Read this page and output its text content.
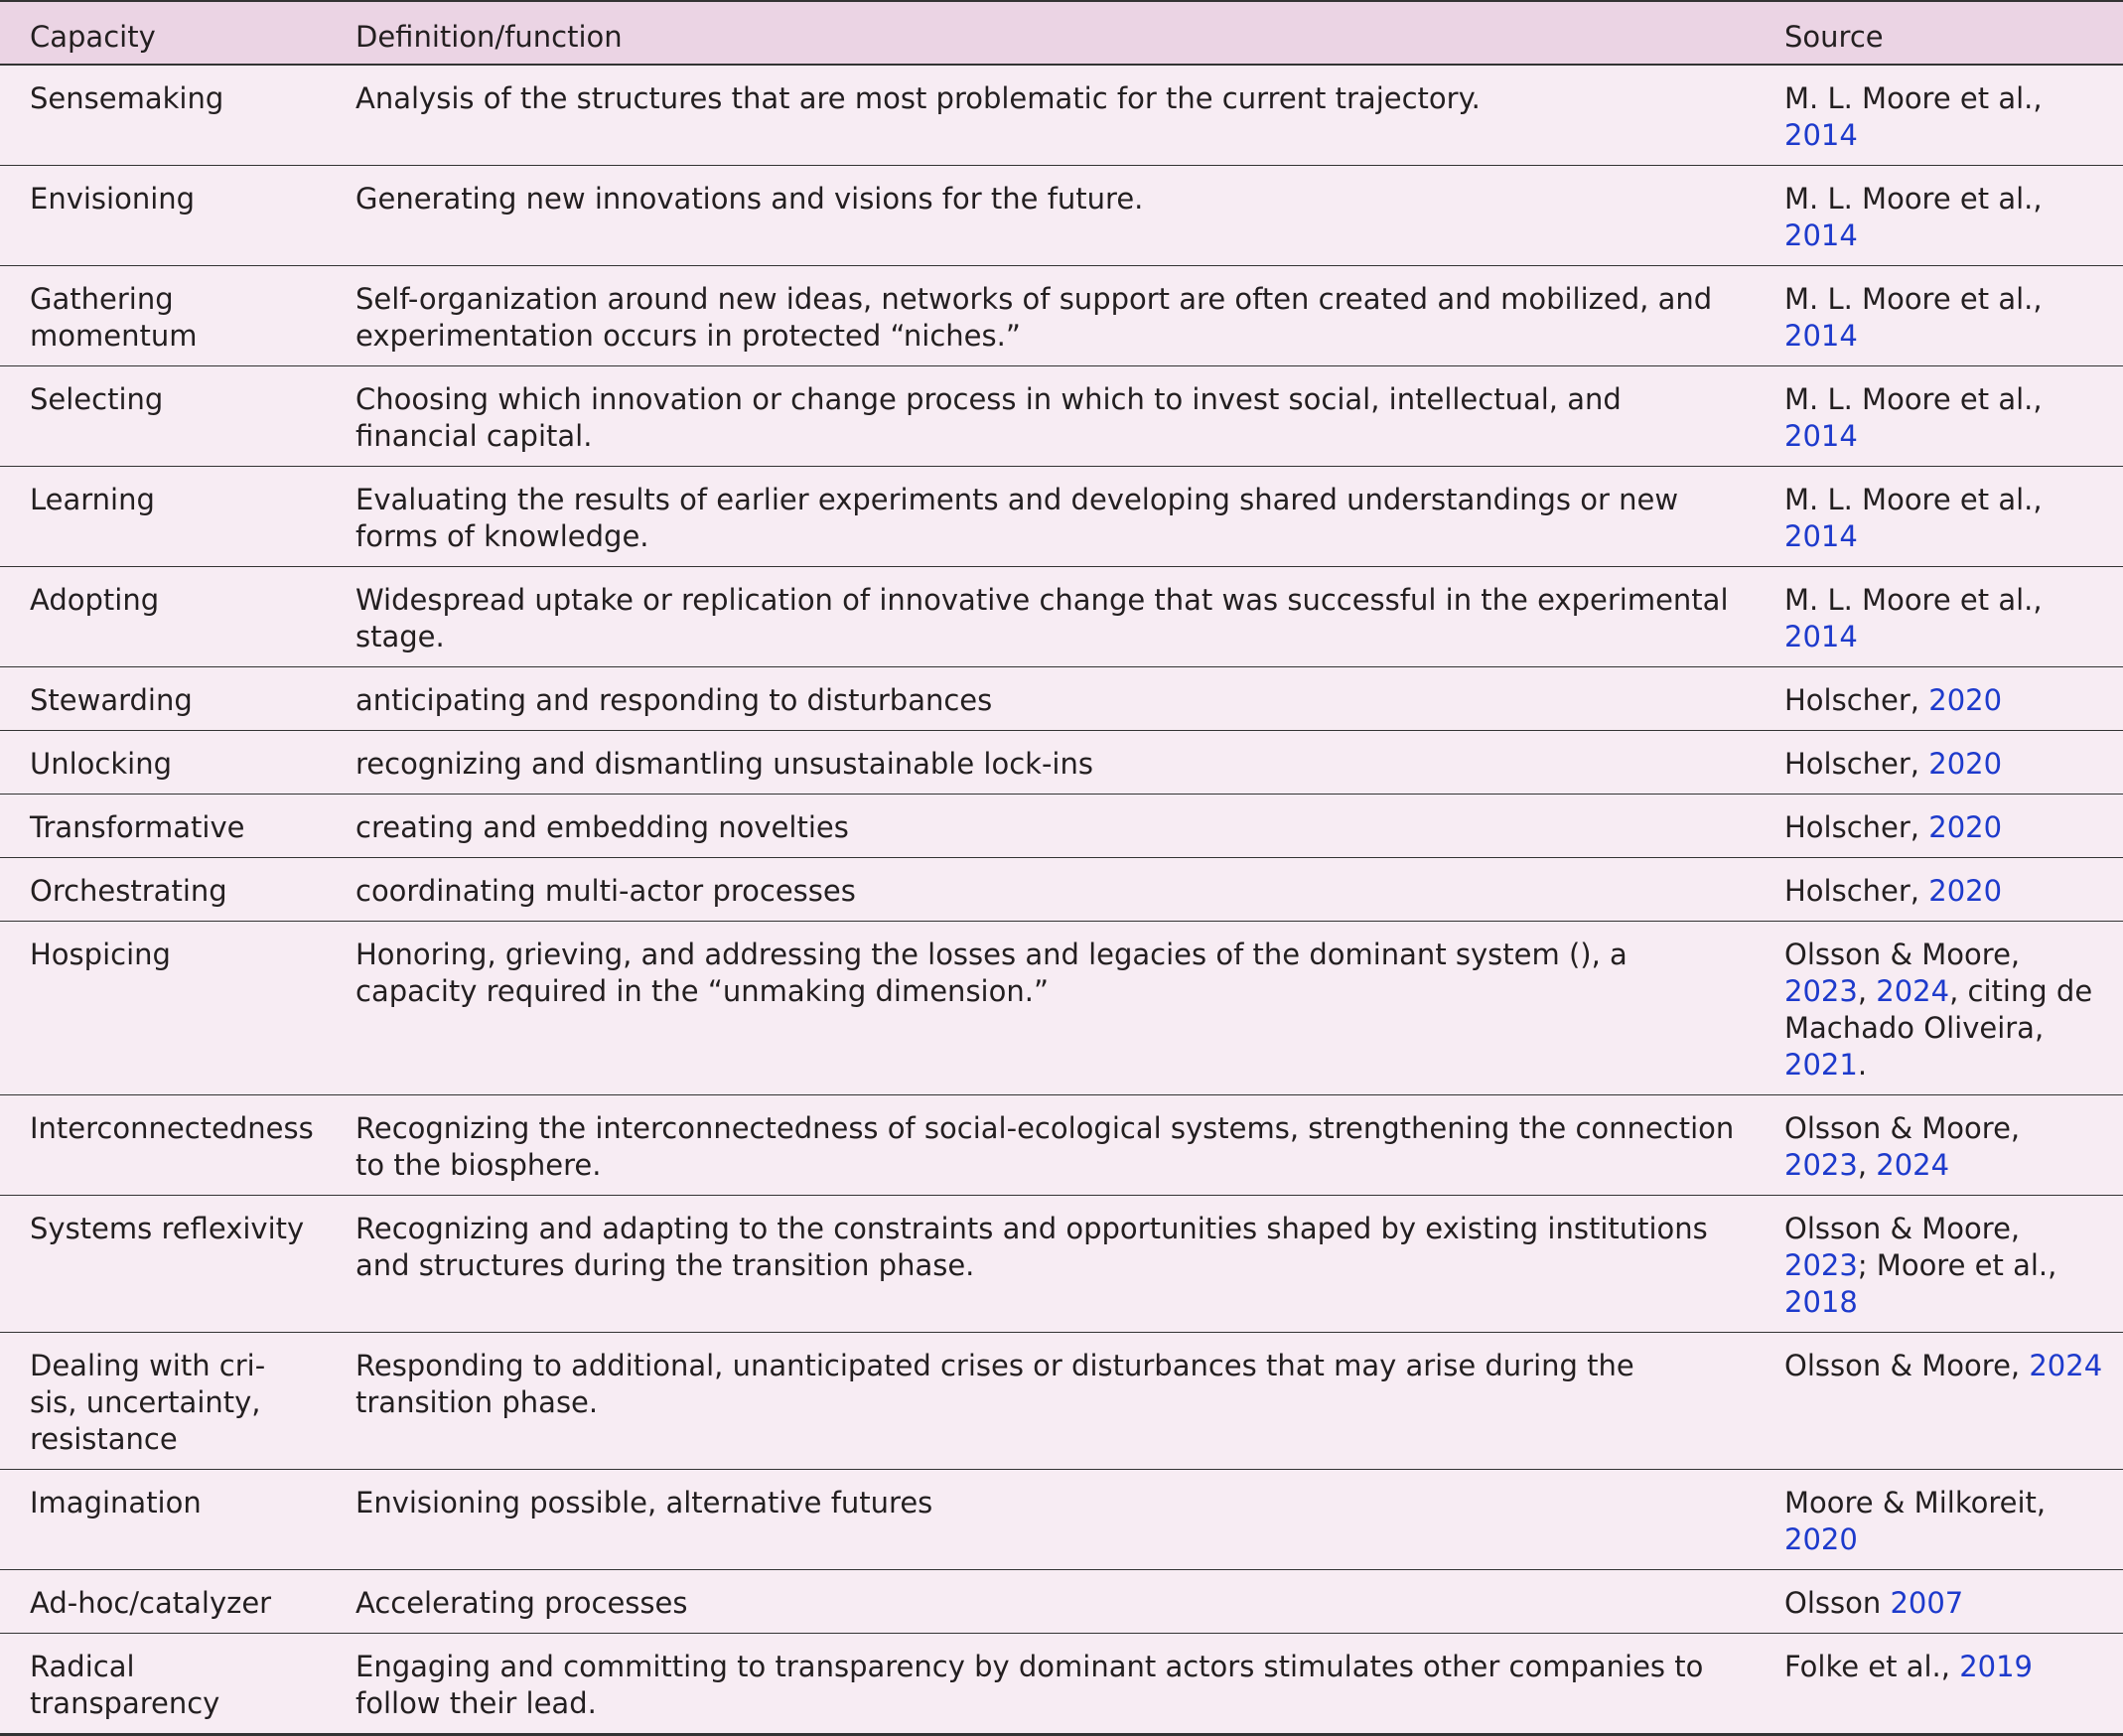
Capacity	Definition/function	Source
Sensemaking	Analysis of the structures that are most problematic for the current trajectory.	M. L. Moore et al., 2014
Envisioning	Generating new innovations and visions for the future.	M. L. Moore et al., 2014
Gathering momentum	Self-organization around new ideas, networks of support are often created and mobilized, and experimentation occurs in protected “niches.”	M. L. Moore et al., 2014
Selecting	Choosing which innovation or change process in which to invest social, intellectual, and financial capital.	M. L. Moore et al., 2014
Learning	Evaluating the results of earlier experiments and developing shared understandings or new forms of knowledge.	M. L. Moore et al., 2014
Adopting	Widespread uptake or replication of innovative change that was successful in the experimental stage.	M. L. Moore et al., 2014
Stewarding	anticipating and responding to disturbances	Holscher, 2020
Unlocking	recognizing and dismantling unsustainable lock-ins	Holscher, 2020
Transformative	creating and embedding novelties	Holscher, 2020
Orchestrating	coordinating multi-actor processes	Holscher, 2020
Hospicing	Honoring, grieving, and addressing the losses and legacies of the dominant system (), a capacity required in the “unmaking dimension.”	Olsson & Moore, 2023, 2024, citing de Machado Oliveira, 2021.
Interconnectedness	Recognizing the interconnectedness of social-ecological systems, strengthening the connection to the biosphere.	Olsson & Moore, 2023, 2024
Systems reflexivity	Recognizing and adapting to the constraints and opportunities shaped by existing institutions and structures during the transition phase.	Olsson & Moore, 2023; Moore et al., 2018
Dealing with cri-sis, uncertainty, resistance	Responding to additional, unanticipated crises or disturbances that may arise during the transition phase.	Olsson & Moore, 2024
Imagination	Envisioning possible, alternative futures	Moore & Milkoreit, 2020
Ad-hoc/catalyzer	Accelerating processes	Olsson 2007
Radical transparency	Engaging and committing to transparency by dominant actors stimulates other companies to follow their lead.	Folke et al., 2019
